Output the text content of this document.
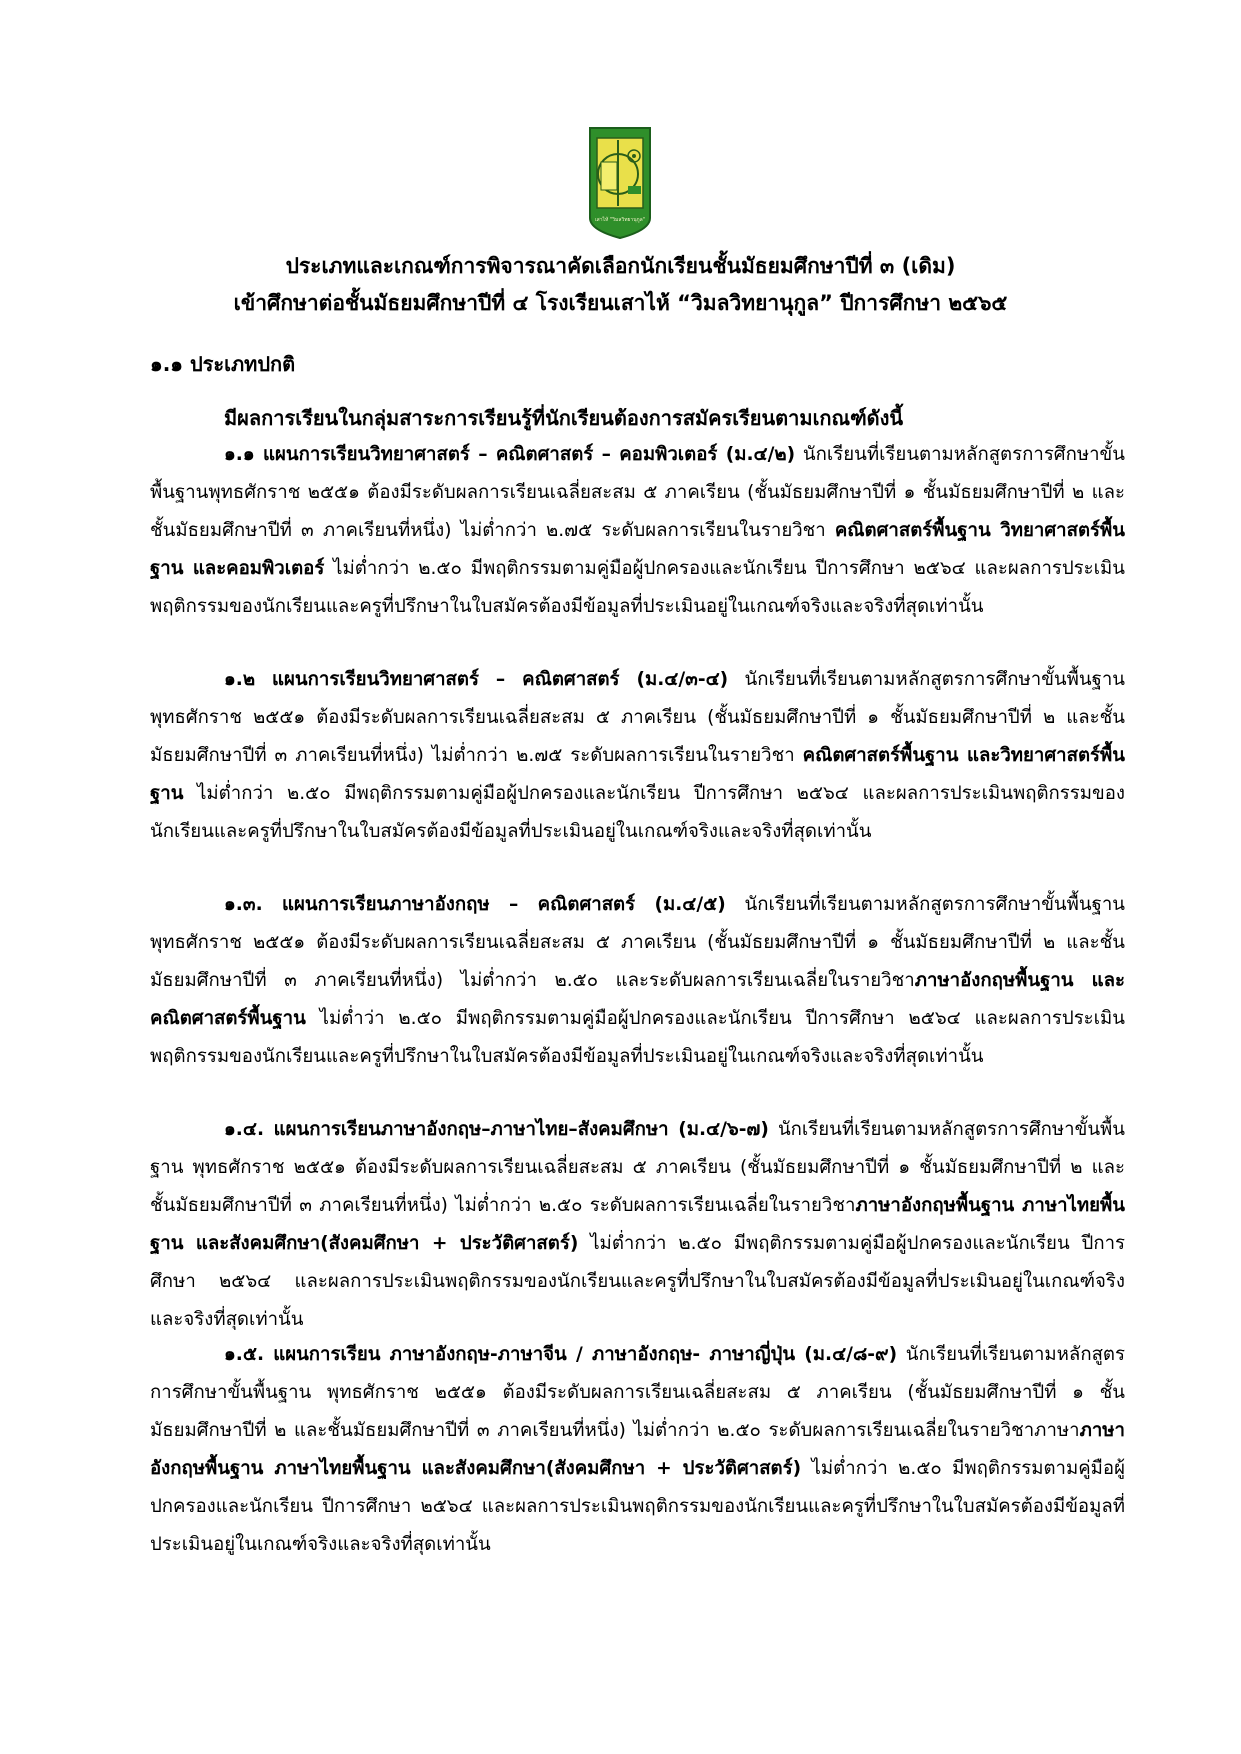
เสาไห้ "วิมลวิทยานุกูล"
ประเภทและเกณฑ์การพิจารณาคัดเลือกนักเรียนชั้นมัธยมศึกษาปีที่ ๓ (เดิม)
เข้าศึกษาต่อชั้นมัธยมศึกษาปีที่ ๔ โรงเรียนเสาไห้ “วิมลวิทยานุกูล” ปีการศึกษา ๒๕๖๕
๑.๑ ประเภทปกติ
มีผลการเรียนในกลุ่มสาระการเรียนรู้ที่นักเรียนต้องการสมัครเรียนตามเกณฑ์ดังนี้

๑.๑ แผนการเรียนวิทยาศาสตร์ – คณิตศาสตร์ – คอมพิวเตอร์ (ม.๔/๒) นักเรียนที่เรียนตามหลักสูตรการศึกษาขั้นพื้นฐานพุทธศักราช ๒๕๕๑ ต้องมีระดับผลการเรียนเฉลี่ยสะสม ๕ ภาคเรียน (ชั้นมัธยมศึกษาปีที่ ๑ ชั้นมัธยมศึกษาปีที่ ๒ และชั้นมัธยมศึกษาปีที่ ๓ ภาคเรียนที่หนึ่ง) ไม่ต่ำกว่า ๒.๗๕ ระดับผลการเรียนในรายวิชา คณิตศาสตร์พื้นฐาน วิทยาศาสตร์พื้นฐาน และคอมพิวเตอร์ ไม่ต่ำกว่า ๒.๕๐ มีพฤติกรรมตามคู่มือผู้ปกครองและนักเรียน ปีการศึกษา ๒๕๖๔ และผลการประเมินพฤติกรรมของนักเรียนและครูที่ปรึกษาในใบสมัครต้องมีข้อมูลที่ประเมินอยู่ในเกณฑ์จริงและจริงที่สุดเท่านั้น

๑.๒ แผนการเรียนวิทยาศาสตร์ – คณิตศาสตร์ (ม.๔/๓-๔) นักเรียนที่เรียนตามหลักสูตรการศึกษาขั้นพื้นฐานพุทธศักราช ๒๕๕๑ ต้องมีระดับผลการเรียนเฉลี่ยสะสม ๕ ภาคเรียน (ชั้นมัธยมศึกษาปีที่ ๑ ชั้นมัธยมศึกษาปีที่ ๒ และชั้นมัธยมศึกษาปีที่ ๓ ภาคเรียนที่หนึ่ง) ไม่ต่ำกว่า ๒.๗๕ ระดับผลการเรียนในรายวิชา คณิตศาสตร์พื้นฐาน และวิทยาศาสตร์พื้นฐาน ไม่ต่ำกว่า ๒.๕๐ มีพฤติกรรมตามคู่มือผู้ปกครองและนักเรียน ปีการศึกษา ๒๕๖๔ และผลการประเมินพฤติกรรมของนักเรียนและครูที่ปรึกษาในใบสมัครต้องมีข้อมูลที่ประเมินอยู่ในเกณฑ์จริงและจริงที่สุดเท่านั้น

๑.๓. แผนการเรียนภาษาอังกฤษ – คณิตศาสตร์ (ม.๔/๕) นักเรียนที่เรียนตามหลักสูตรการศึกษาขั้นพื้นฐาน พุทธศักราช ๒๕๕๑ ต้องมีระดับผลการเรียนเฉลี่ยสะสม ๕ ภาคเรียน (ชั้นมัธยมศึกษาปีที่ ๑ ชั้นมัธยมศึกษาปีที่ ๒ และชั้นมัธยมศึกษาปีที่ ๓ ภาคเรียนที่หนึ่ง) ไม่ต่ำกว่า ๒.๕๐ และระดับผลการเรียนเฉลี่ยในรายวิชาภาษาอังกฤษพื้นฐาน และคณิตศาสตร์พื้นฐาน ไม่ต่ำว่า ๒.๕๐ มีพฤติกรรมตามคู่มือผู้ปกครองและนักเรียน ปีการศึกษา ๒๕๖๔ และผลการประเมินพฤติกรรมของนักเรียนและครูที่ปรึกษาในใบสมัครต้องมีข้อมูลที่ประเมินอยู่ในเกณฑ์จริงและจริงที่สุดเท่านั้น

๑.๔. แผนการเรียนภาษาอังกฤษ–ภาษาไทย–สังคมศึกษา (ม.๔/๖-๗) นักเรียนที่เรียนตามหลักสูตรการศึกษาขั้นพื้นฐาน พุทธศักราช ๒๕๕๑ ต้องมีระดับผลการเรียนเฉลี่ยสะสม ๕ ภาคเรียน (ชั้นมัธยมศึกษาปีที่ ๑ ชั้นมัธยมศึกษาปีที่ ๒ และชั้นมัธยมศึกษาปีที่ ๓ ภาคเรียนที่หนึ่ง) ไม่ต่ำกว่า ๒.๕๐ ระดับผลการเรียนเฉลี่ยในรายวิชาภาษาอังกฤษพื้นฐาน ภาษาไทยพื้นฐาน และสังคมศึกษา(สังคมศึกษา + ประวัติศาสตร์) ไม่ต่ำกว่า ๒.๕๐ มีพฤติกรรมตามคู่มือผู้ปกครองและนักเรียน ปีการศึกษา ๒๕๖๔ และผลการประเมินพฤติกรรมของนักเรียนและครูที่ปรึกษาในใบสมัครต้องมีข้อมูลที่ประเมินอยู่ในเกณฑ์จริงและจริงที่สุดเท่านั้น

๑.๕. แผนการเรียน ภาษาอังกฤษ-ภาษาจีน / ภาษาอังกฤษ- ภาษาญี่ปุ่น (ม.๔/๘-๙) นักเรียนที่เรียนตามหลักสูตรการศึกษาขั้นพื้นฐาน พุทธศักราช ๒๕๕๑ ต้องมีระดับผลการเรียนเฉลี่ยสะสม ๕ ภาคเรียน (ชั้นมัธยมศึกษาปีที่ ๑ ชั้นมัธยมศึกษาปีที่ ๒ และชั้นมัธยมศึกษาปีที่ ๓ ภาคเรียนที่หนึ่ง) ไม่ต่ำกว่า ๒.๕๐ ระดับผลการเรียนเฉลี่ยในรายวิชาภาษาภาษาอังกฤษพื้นฐาน ภาษาไทยพื้นฐาน และสังคมศึกษา(สังคมศึกษา + ประวัติศาสตร์) ไม่ต่ำกว่า ๒.๕๐ มีพฤติกรรมตามคู่มือผู้ปกครองและนักเรียน ปีการศึกษา ๒๕๖๔ และผลการประเมินพฤติกรรมของนักเรียนและครูที่ปรึกษาในใบสมัครต้องมีข้อมูลที่ประเมินอยู่ในเกณฑ์จริงและจริงที่สุดเท่านั้น
